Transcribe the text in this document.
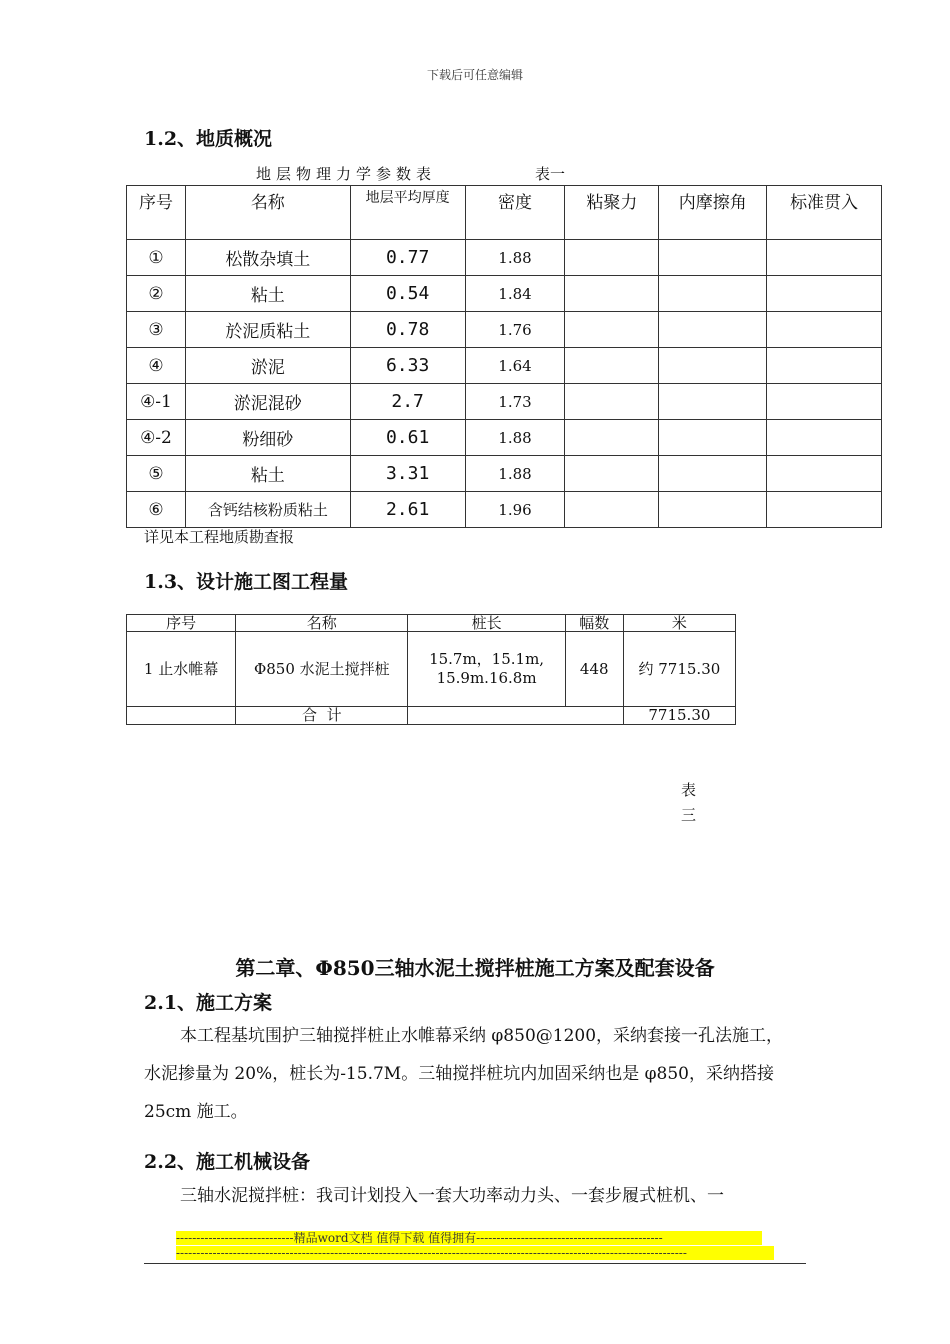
下载后可任意编辑
1.2、地质概况
地层物理力学参数表	表一
序号	名称	地层平均厚度	密度	粘聚力	内摩擦角	标准贯入
①	松散杂填土	0.77	1.88			
②	粘土	0.54	1.84			
③	於泥质粘土	0.78	1.76			
④	淤泥	6.33	1.64			
④-1	淤泥混砂	2.7	1.73			
④-2	粉细砂	0.61	1.88			
⑤	粘土	3.31	1.88			
⑥	含钙结核粉质粘土	2.61	1.96			
详见本工程地质勘查报
1.3、设计施工图工程量
序号	名称	桩长	幅数	米
1 止水帷幕	Φ850 水泥土搅拌桩	15.7m，15.1m,
15.9m.16.8m	448	约 7715.30
	合  计			7715.30
表
三
第二章、Φ850三轴水泥土搅拌桩施工方案及配套设备
2.1、施工方案
本工程基坑围护三轴搅拌桩止水帷幕采纳 φ850@1200，采纳套接一孔法施工，
水泥掺量为 20%，桩长为-15.7M。三轴搅拌桩坑内加固采纳也是 φ850，采纳搭接
25cm 施工。
2.2、施工机械设备
三轴水泥搅拌桩：我司计划投入一套大功率动力头、一套步履式桩机、一
-----------------------------精品word文档 值得下载 值得拥有----------------------------------------------
------------------------------------------------------------------------------------------------------------------------------
